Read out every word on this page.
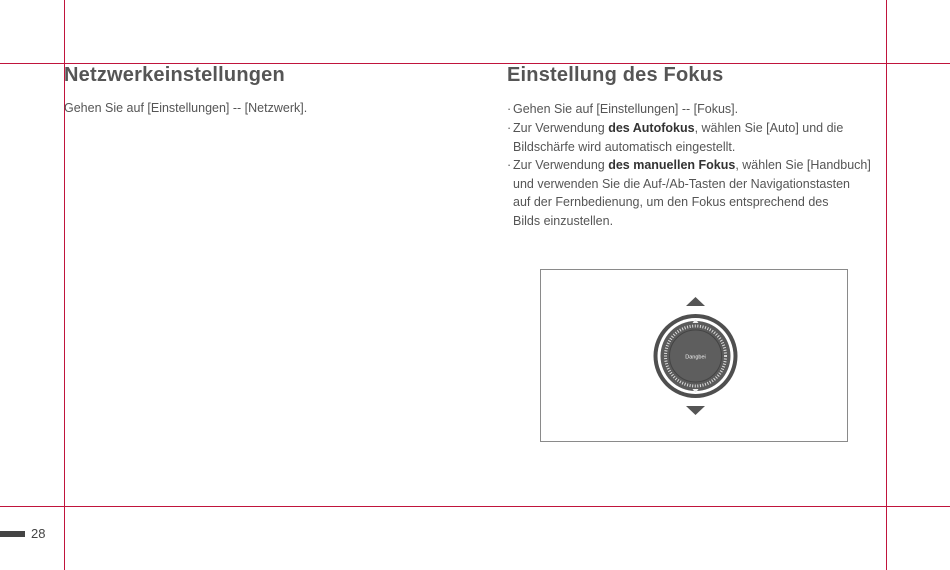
Netzwerkeinstellungen

Gehen Sie auf [Einstellungen] -- [Netzwerk].

Einstellung des Fokus
· Gehen Sie auf [Einstellungen] -- [Fokus].
· Zur Verwendung des Autofokus, wählen Sie [Auto] und die
Bildschärfe wird automatisch eingestellt.
· Zur Verwendung des manuellen Fokus, wählen Sie [Handbuch]
und verwenden Sie die Auf-/Ab-Tasten der Navigationstasten
auf der Fernbedienung, um den Fokus entsprechend des
Bilds einzustellen.
Dangbei
28
